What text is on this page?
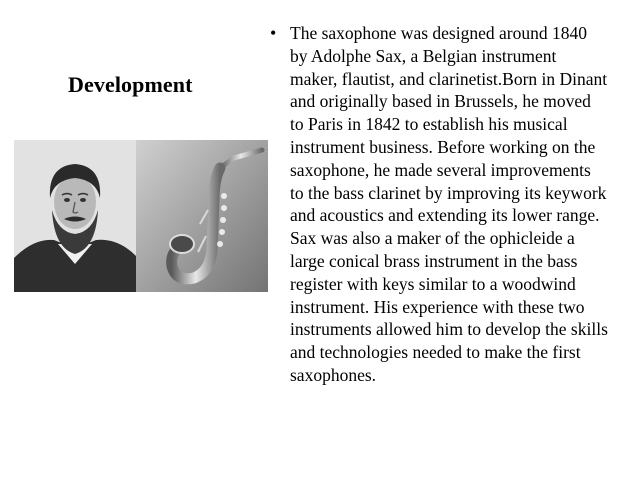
Development
• The saxophone was designed around 1840 by Adolphe Sax, a Belgian instrument maker, flautist, and clarinetist.Born in Dinant and originally based in Brussels, he moved to Paris in 1842 to establish his musical instrument business. Before working on the saxophone, he made several improvements to the bass clarinet by improving its keywork and acoustics and extending its lower range. Sax was also a maker of the ophicleide a large conical brass instrument in the bass register with keys similar to a woodwind instrument. His experience with these two instruments allowed him to develop the skills and technologies needed to make the first saxophones.
